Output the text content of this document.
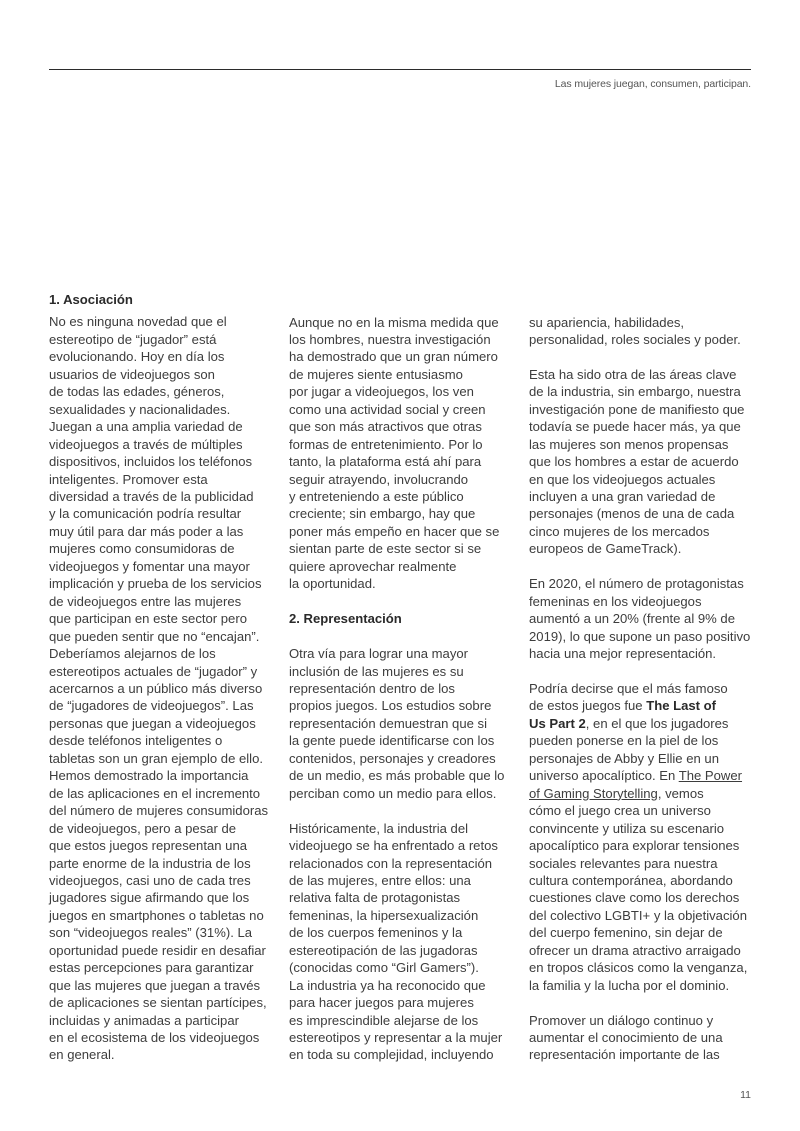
Las mujeres juegan, consumen, participan.
1. Asociación
No es ninguna novedad que el
estereotipo de “jugador” está
evolucionando. Hoy en día los
usuarios de videojuegos son
de todas las edades, géneros,
sexualidades y nacionalidades.
Juegan a una amplia variedad de
videojuegos a través de múltiples
dispositivos, incluidos los teléfonos
inteligentes. Promover esta
diversidad a través de la publicidad
y la comunicación podría resultar
muy útil para dar más poder a las
mujeres como consumidoras de
videojuegos y fomentar una mayor
implicación y prueba de los servicios
de videojuegos entre las mujeres
que participan en este sector pero
que pueden sentir que no “encajan”.
Deberíamos alejarnos de los
estereotipos actuales de “jugador” y
acercarnos a un público más diverso
de “jugadores de videojuegos”. Las
personas que juegan a videojuegos
desde teléfonos inteligentes o
tabletas son un gran ejemplo de ello.
Hemos demostrado la importancia
de las aplicaciones en el incremento
del número de mujeres consumidoras
de videojuegos, pero a pesar de
que estos juegos representan una
parte enorme de la industria de los
videojuegos, casi uno de cada tres
jugadores sigue afirmando que los
juegos en smartphones o tabletas no
son “videojuegos reales” (31%). La
oportunidad puede residir en desafiar
estas percepciones para garantizar
que las mujeres que juegan a través
de aplicaciones se sientan partícipes,
incluidas y animadas a participar
en el ecosistema de los videojuegos
en general.
Aunque no en la misma medida que
los hombres, nuestra investigación
ha demostrado que un gran número
de mujeres siente entusiasmo
por jugar a videojuegos, los ven
como una actividad social y creen
que son más atractivos que otras
formas de entretenimiento. Por lo
tanto, la plataforma está ahí para
seguir atrayendo, involucrando
y entreteniendo a este público
creciente; sin embargo, hay que
poner más empeño en hacer que se
sientan parte de este sector si se
quiere aprovechar realmente
la oportunidad.
2. Representación
Otra vía para lograr una mayor
inclusión de las mujeres es su
representación dentro de los
propios juegos. Los estudios sobre
representación demuestran que si
la gente puede identificarse con los
contenidos, personajes y creadores
de un medio, es más probable que lo
perciban como un medio para ellos.
Históricamente, la industria del
videojuego se ha enfrentado a retos
relacionados con la representación
de las mujeres, entre ellos: una
relativa falta de protagonistas
femeninas, la hipersexualización
de los cuerpos femeninos y la
estereotipación de las jugadoras
(conocidas como “Girl Gamers”).
La industria ya ha reconocido que
para hacer juegos para mujeres
es imprescindible alejarse de los
estereotipos y representar a la mujer
en toda su complejidad, incluyendo
su apariencia, habilidades,
personalidad, roles sociales y poder.
Esta ha sido otra de las áreas clave
de la industria, sin embargo, nuestra
investigación pone de manifiesto que
todavía se puede hacer más, ya que
las mujeres son menos propensas
que los hombres a estar de acuerdo
en que los videojuegos actuales
incluyen a una gran variedad de
personajes (menos de una de cada
cinco mujeres de los mercados
europeos de GameTrack).
En 2020, el número de protagonistas
femeninas en los videojuegos
aumentó a un 20% (frente al 9% de
2019), lo que supone un paso positivo
hacia una mejor representación.
Podría decirse que el más famoso
de estos juegos fue The Last of
Us Part 2, en el que los jugadores
pueden ponerse en la piel de los
personajes de Abby y Ellie en un
universo apocalíptico. En The Power
of Gaming Storytelling, vemos
cómo el juego crea un universo
convincente y utiliza su escenario
apocalíptico para explorar tensiones
sociales relevantes para nuestra
cultura contemporánea, abordando
cuestiones clave como los derechos
del colectivo LGBTI+ y la objetivación
del cuerpo femenino, sin dejar de
ofrecer un drama atractivo arraigado
en tropos clásicos como la venganza,
la familia y la lucha por el dominio.
Promover un diálogo continuo y
aumentar el conocimiento de una
representación importante de las
11
